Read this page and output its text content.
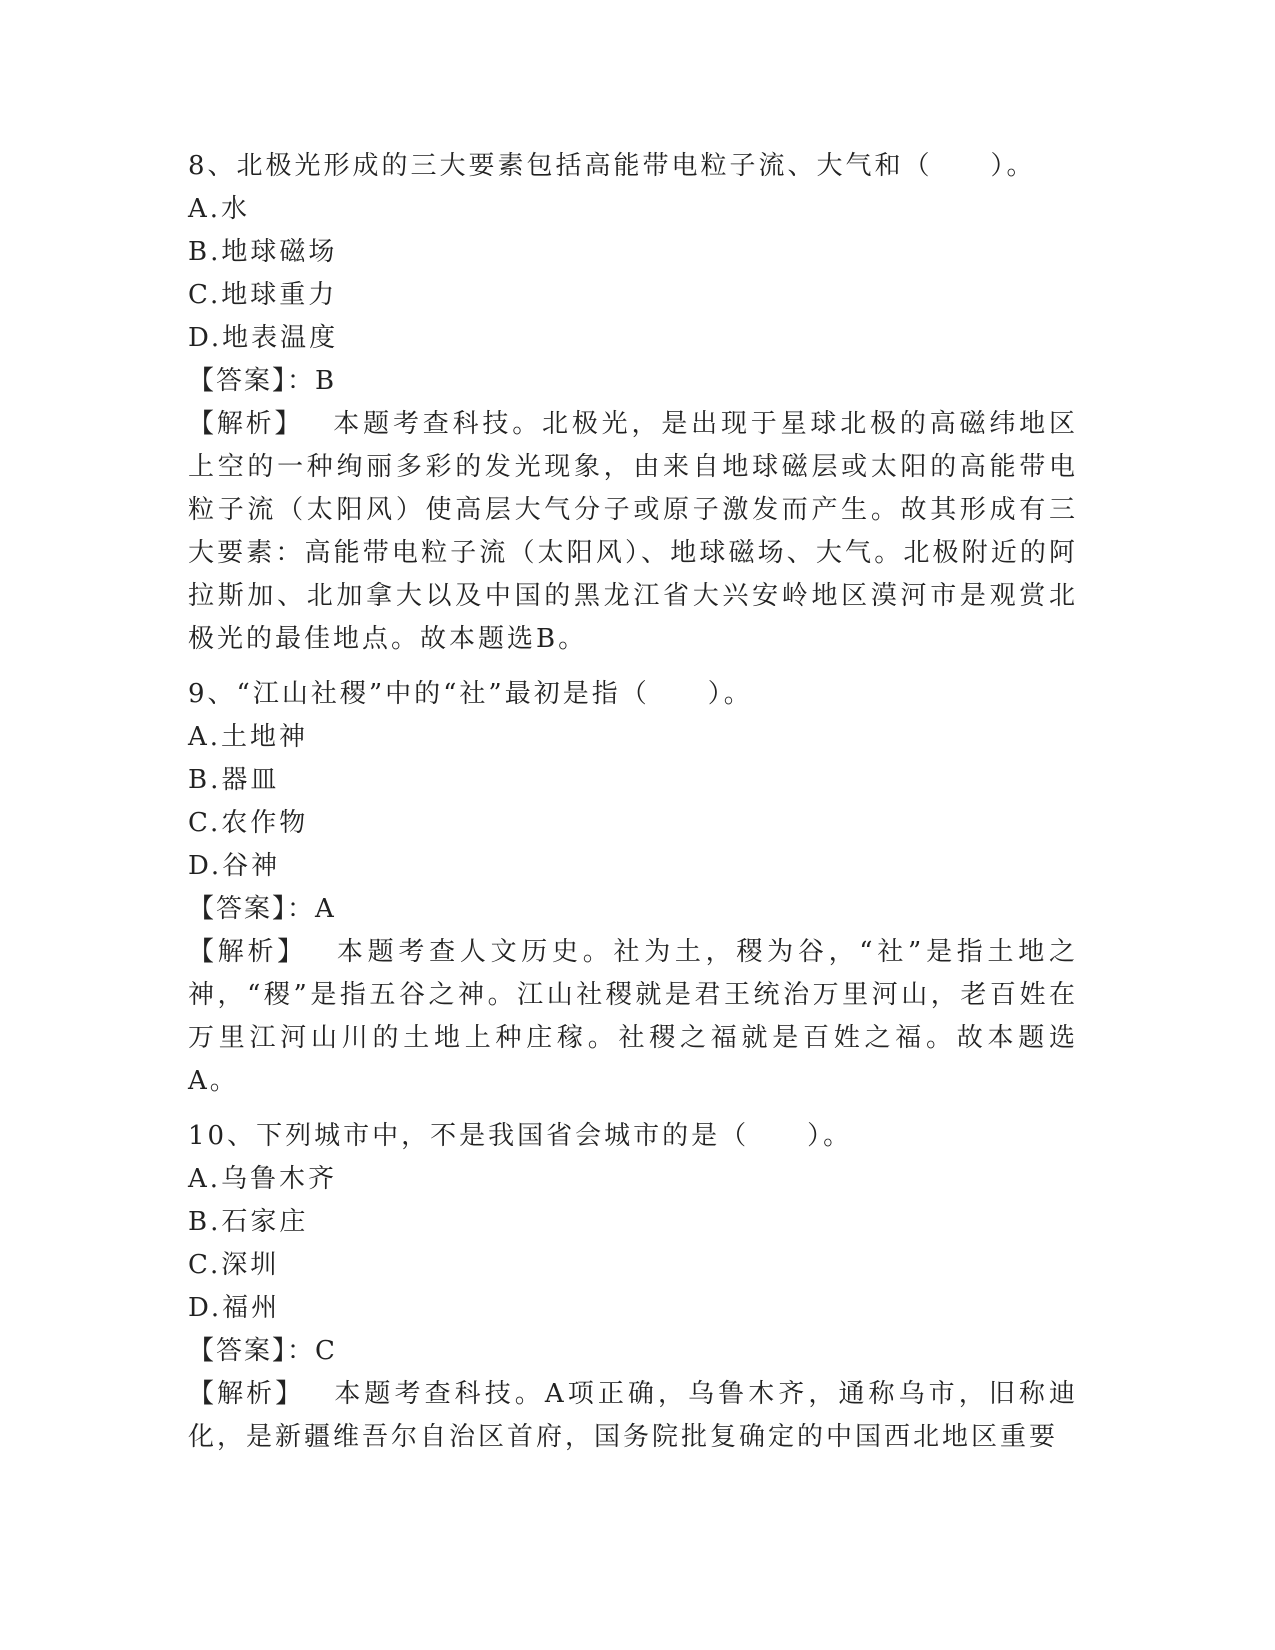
8、北极光形成的三大要素包括高能带电粒子流、大气和（　　）。
A.水
B.地球磁场
C.地球重力
D.地表温度
【答案】：B
【解析】 本题考查科技。北极光，是出现于星球北极的高磁纬地区上空的一种绚丽多彩的发光现象，由来自地球磁层或太阳的高能带电粒子流（太阳风）使高层大气分子或原子激发而产生。故其形成有三大要素：高能带电粒子流（太阳风）、地球磁场、大气。北极附近的阿拉斯加、北加拿大以及中国的黑龙江省大兴安岭地区漠河市是观赏北极光的最佳地点。故本题选B。
9、“江山社稷”中的“社”最初是指（　　）。
A.土地神
B.器皿
C.农作物
D.谷神
【答案】：A
【解析】 本题考查人文历史。社为土，稷为谷，“社”是指土地之神，“稷”是指五谷之神。江山社稷就是君王统治万里河山，老百姓在万里江河山川的土地上种庄稼。社稷之福就是百姓之福。故本题选A。
10、下列城市中，不是我国省会城市的是（　　）。
A.乌鲁木齐
B.石家庄
C.深圳
D.福州
【答案】：C
【解析】 本题考查科技。A项正确，乌鲁木齐，通称乌市，旧称迪化，是新疆维吾尔自治区首府，国务院批复确定的中国西北地区重要
